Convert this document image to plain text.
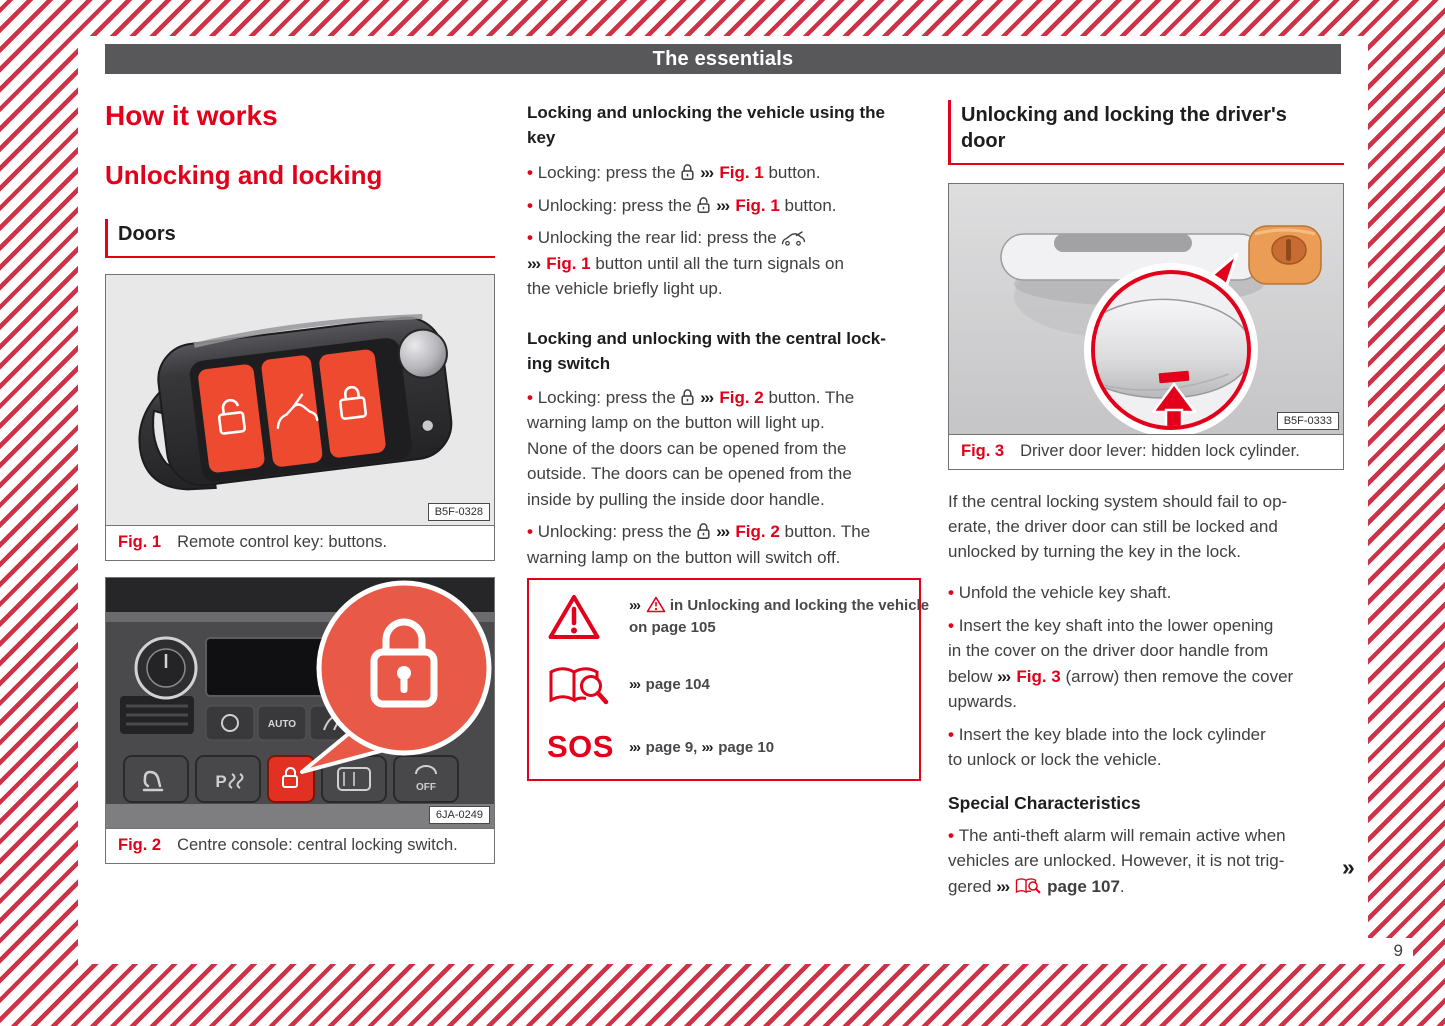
The essentials
How it works
Unlocking and locking
Doors
B5F-0328
Fig. 1 Remote control key: buttons.
AUTO
P	OFF
6JA-0249
Fig. 2 Centre console: central locking switch.
Locking and unlocking the vehicle using the
key
• Locking: press the  ››› Fig. 1 button.
• Unlocking: press the  ››› Fig. 1 button.
• Unlocking the rear lid: press the
››› Fig. 1 button until all the turn signals on
the vehicle briefly light up.
Locking and unlocking with the central lock-
ing switch
• Locking: press the  ››› Fig. 2 button. The
warning lamp on the button will light up.
None of the doors can be opened from the
outside. The doors can be opened from the
inside by pulling the inside door handle.
• Unlocking: press the  ››› Fig. 2 button. The
warning lamp on the button will switch off.
›››  in Unlocking and locking the vehicle
on page 105
››› page 104
SOS	››› page 9, ››› page 10
Unlocking and locking the driver's
door
B5F-0333
Fig. 3 Driver door lever: hidden lock cylinder.
If the central locking system should fail to op-
erate, the driver door can still be locked and
unlocked by turning the key in the lock.
• Unfold the vehicle key shaft.
• Insert the key shaft into the lower opening
in the cover on the driver door handle from
below ››› Fig. 3 (arrow) then remove the cover
upwards.
• Insert the key blade into the lock cylinder
to unlock or lock the vehicle.
Special Characteristics
• The anti-theft alarm will remain active when
vehicles are unlocked. However, it is not trig-
gered ››› page 107.
»
9
